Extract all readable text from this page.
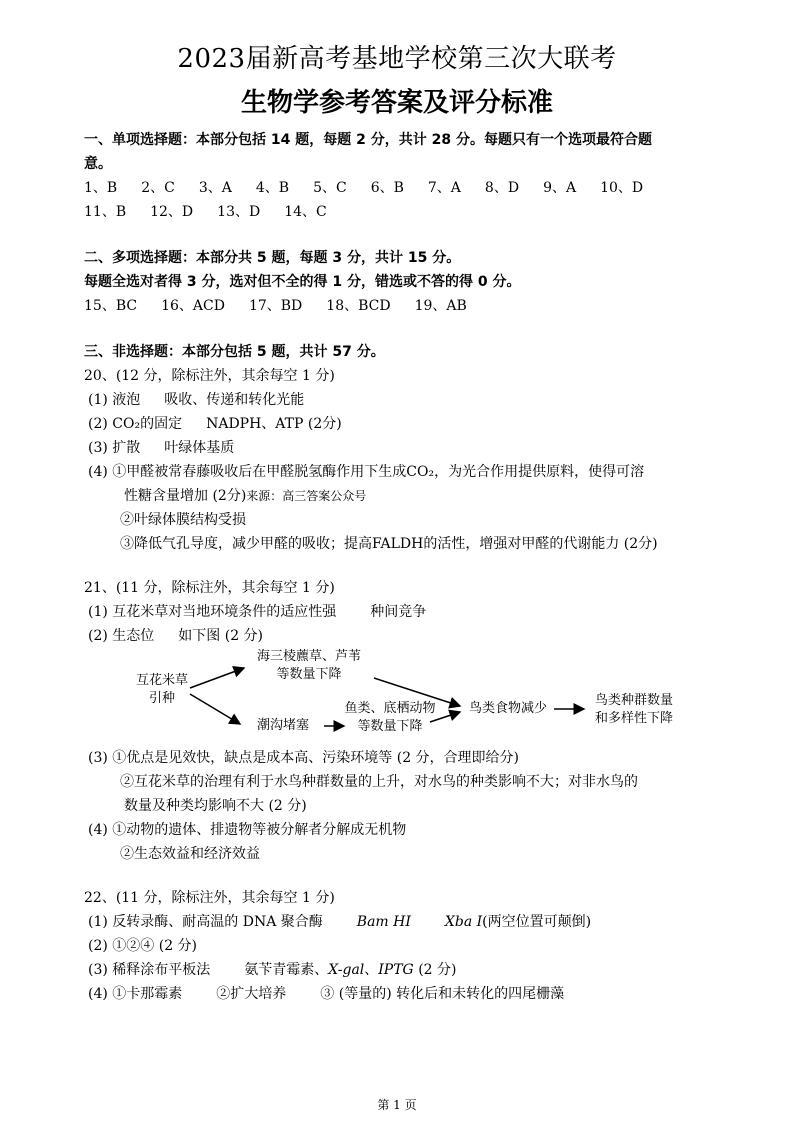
2023届新高考基地学校第三次大联考
生物学参考答案及评分标准
一、单项选择题：本部分包括 14 题，每题 2 分，共计 28 分。每题只有一个选项最符合题
意。
1、B 2、C 3、A 4、B 5、C 6、B 7、A 8、D 9、A 10、D
11、B 12、D 13、D 14、C
二、多项选择题：本部分共 5 题，每题 3 分，共计 15 分。
每题全选对者得 3 分，选对但不全的得 1 分，错选或不答的得 0 分。
15、BC 16、ACD 17、BD 18、BCD 19、AB
三、非选择题：本部分包括 5 题，共计 57 分。
20、(12 分，除标注外，其余每空 1 分)
(1) 液泡 吸收、传递和转化光能
(2) CO₂的固定 NADPH、ATP (2分)
(3) 扩散 叶绿体基质
(4) ①甲醛被常春藤吸收后在甲醛脱氢酶作用下生成CO₂，为光合作用提供原料，使得可溶
性糖含量增加 (2分)来源：高三答案公众号
②叶绿体膜结构受损
③降低气孔导度，减少甲醛的吸收；提高FALDH的活性，增强对甲醛的代谢能力 (2分)
21、(11 分，除标注外，其余每空 1 分)
(1) 互花米草对当地环境条件的适应性强 种间竞争
(2) 生态位 如下图 (2 分)
互花米草
引种
海三棱藨草、芦苇
等数量下降
潮沟堵塞
鱼类、底栖动物
等数量下降
鸟类食物减少
鸟类种群数量
和多样性下降
(3) ①优点是见效快，缺点是成本高、污染环境等 (2 分，合理即给分)
②互花米草的治理有利于水鸟种群数量的上升，对水鸟的种类影响不大；对非水鸟的
数量及种类均影响不大 (2 分)
(4) ①动物的遗体、排遗物等被分解者分解成无机物
②生态效益和经济效益
22、(11 分，除标注外，其余每空 1 分)
(1) 反转录酶、耐高温的 DNA 聚合酶 Bam HⅠ Xba Ⅰ(两空位置可颠倒)
(2) ①②④ (2 分)
(3) 稀释涂布平板法 氨苄青霉素、X-gal、IPTG (2 分)
(4) ①卡那霉素 ②扩大培养 ③ (等量的) 转化后和未转化的四尾栅藻
第 1 页
